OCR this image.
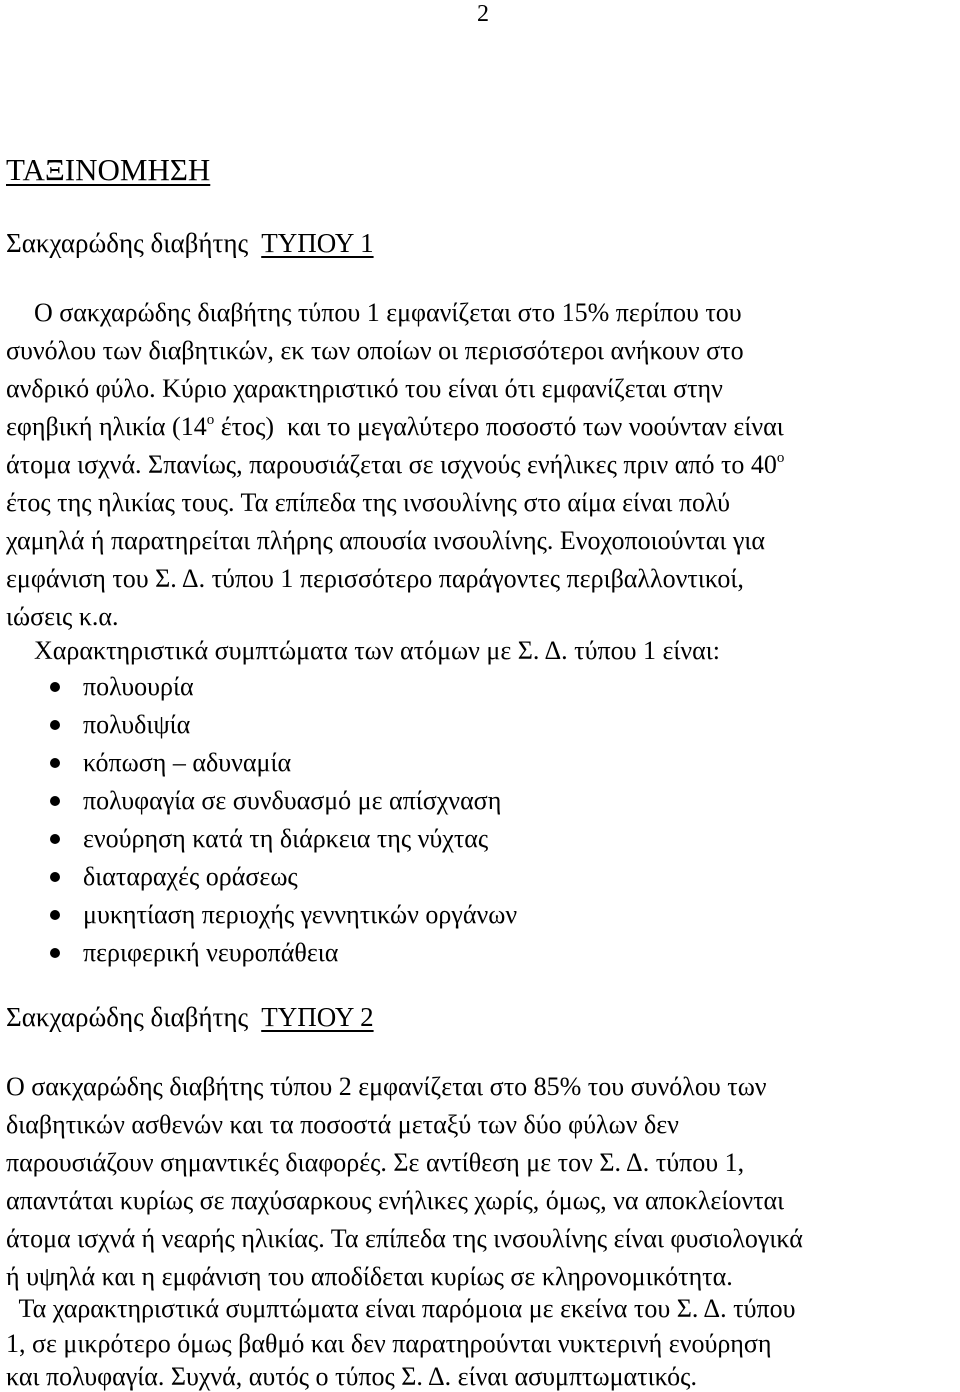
2
ΤΑΞΙΝΟΜΗΣΗ
Σακχαρώδης διαβήτης  ΤΥΠΟΥ 1
Ο σακχαρώδης διαβήτης τύπου 1 εμφανίζεται στο 15% περίπου του
συνόλου των διαβητικών, εκ των οποίων οι περισσότεροι ανήκουν στο
ανδρικό φύλο. Κύριο χαρακτηριστικό του είναι ότι εμφανίζεται στην
εφηβική ηλικία ($14^o$ έτος)  και το μεγαλύτερο ποσοστό των νοούνταν είναι
άτομα ισχνά. Σπανίως, παρουσιάζεται σε ισχνούς ενήλικες πριν από το $40^o$
έτος της ηλικίας τους. Τα επίπεδα της ινσουλίνης στο αίμα είναι πολύ
χαμηλά ή παρατηρείται πλήρης απουσία ινσουλίνης. Ενοχοποιούνται για
εμφάνιση του Σ. Δ. τύπου 1 περισσότερο παράγοντες περιβαλλοντικοί,
ιώσεις κ.α.
Χαρακτηριστικά συμπτώματα των ατόμων με Σ. Δ. τύπου 1 είναι:
πολυουρία
πολυδιψία
κόπωση – αδυναμία
πολυφαγία σε συνδυασμό με απίσχναση
ενούρηση κατά τη διάρκεια της νύχτας
διαταραχές οράσεως
μυκητίαση περιοχής γεννητικών οργάνων
περιφερική νευροπάθεια
Σακχαρώδης διαβήτης  ΤΥΠΟΥ 2
Ο σακχαρώδης διαβήτης τύπου 2 εμφανίζεται στο 85% του συνόλου των
διαβητικών ασθενών και τα ποσοστά μεταξύ των δύο φύλων δεν
παρουσιάζουν σημαντικές διαφορές. Σε αντίθεση με τον Σ. Δ. τύπου 1,
απαντάται κυρίως σε παχύσαρκους ενήλικες χωρίς, όμως, να αποκλείονται
άτομα ισχνά ή νεαρής ηλικίας. Τα επίπεδα της ινσουλίνης είναι φυσιολογικά
ή υψηλά και η εμφάνιση του αποδίδεται κυρίως σε κληρονομικότητα.
Τα χαρακτηριστικά συμπτώματα είναι παρόμοια με εκείνα του Σ. Δ. τύπου
1, σε μικρότερο όμως βαθμό και δεν παρατηρούνται νυκτερινή ενούρηση
και πολυφαγία. Συχνά, αυτός ο τύπος Σ. Δ. είναι ασυμπτωματικός.
